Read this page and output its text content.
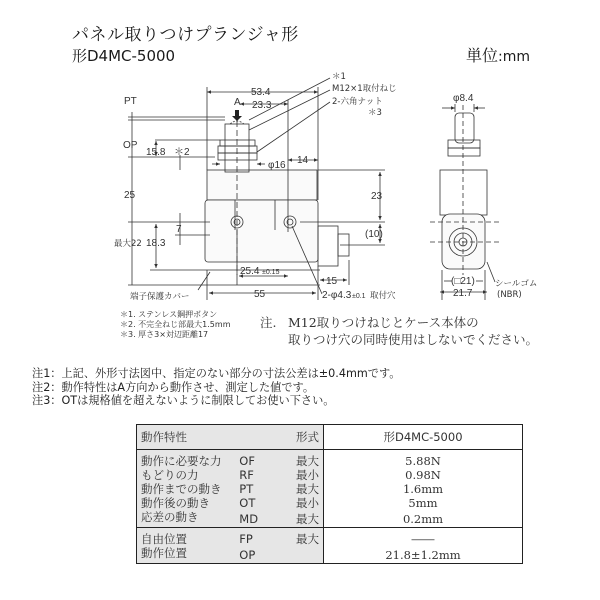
パネル取りつけプランジャ形
形D4MC-5000	単位:mm
53.4
23.3
A
φ16 14
23
(10)
25.4 ±0.15
15
55	2-φ4.3 ±0.1 取付穴
PT
OP
15.8 ＊2
25
7
最大22 18.3
＊1
M12×1取付ねじ
2-六角ナット
＊3
端子保護カバー
φ8.4
(□21)
21.7
シールゴム
(NBR)
＊1. ステンレス鋼押ボタン
＊2. 不完全ねじ部最大1.5mm
＊3. 厚さ3×対辺距離17
注. M12取りつけねじとケース本体の
取りつけ穴の同時使用はしないでください。
注1：上記、外形寸法図中、指定のない部分の寸法公差は±0.4mmです。
注2：動作特性はA方向から動作させ、測定した値です。
注3：OTは規格値を超えないように制限してお使い下さい。
動作特性		形式	形D4MC-5000
動作に必要な力	OF	最大	5.88N
もどりの力	RF	最小	0.98N
動作までの動き	PT	最大	1.6mm
動作後の動き	OT	最小	5mm
応差の動き	MD	最大	0.2mm
自由位置	FP	最大	――
動作位置	OP		21.8±1.2mm
